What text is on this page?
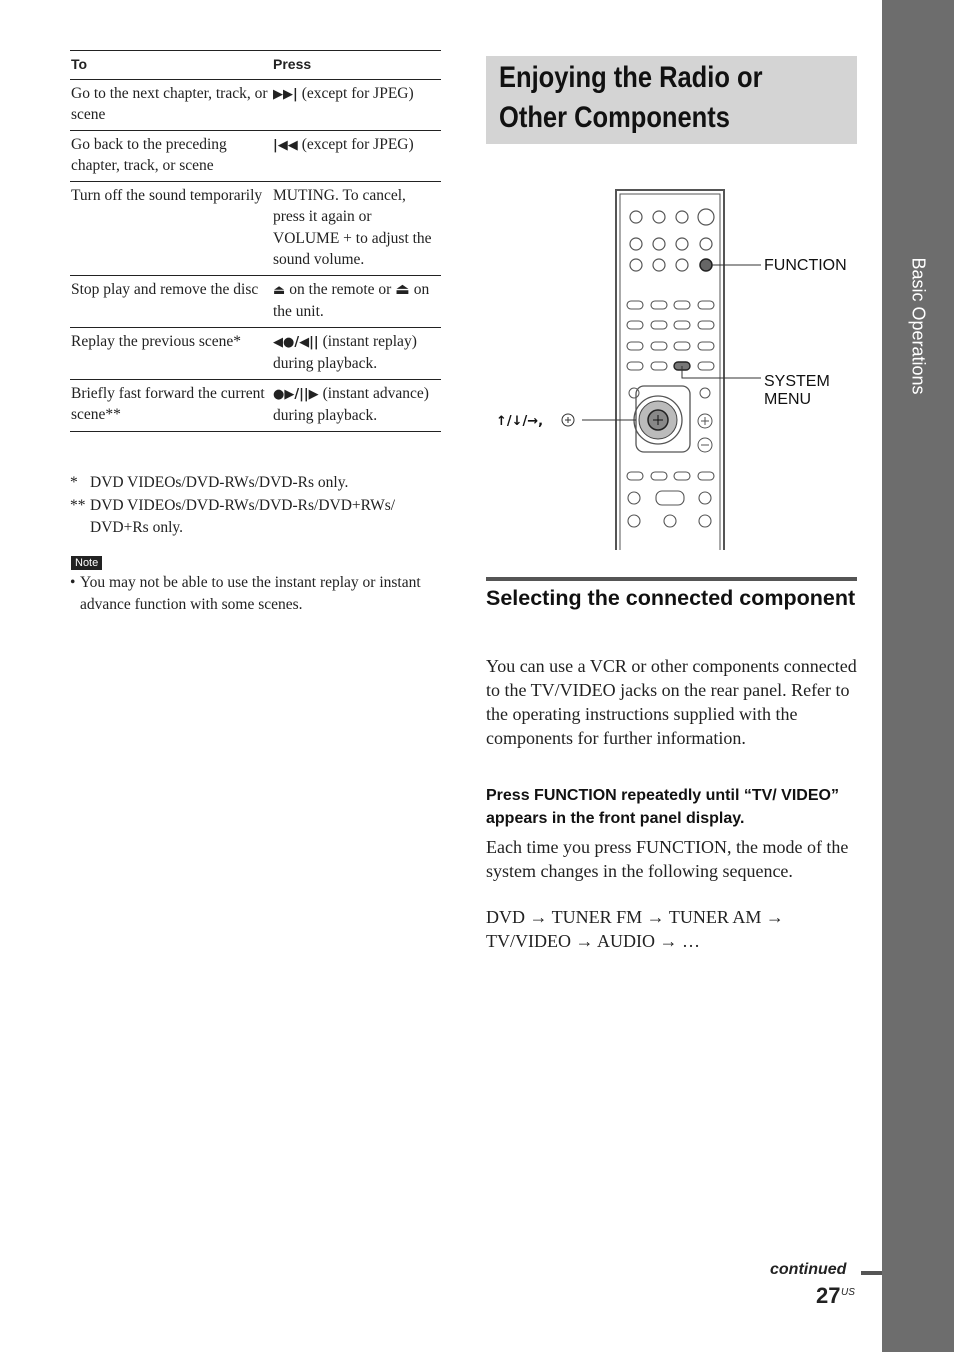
Basic Operations
To	Press
Go to the next chapter, track, or scene	▶▶| (except for JPEG)
Go back to the preceding chapter, track, or scene	|◀◀ (except for JPEG)
Turn off the sound temporarily	MUTING. To cancel, press it again or VOLUME + to adjust the sound volume.
Stop play and remove the disc	⏏ on the remote or ⏏ on the unit.
Replay the previous scene*	◀●/◀|| (instant replay) during playback.
Briefly fast forward the current scene**	●▶/||▶ (instant advance) during playback.
* DVD VIDEOs/DVD-RWs/DVD-Rs only.
** DVD VIDEOs/DVD-RWs/DVD-Rs/DVD+RWs/ DVD+Rs only.
Note
• You may not be able to use the instant replay or instant advance function with some scenes.
Enjoying the Radio or Other Components
FUNCTION
SYSTEM
MENU
↑/↓/→,
Selecting the connected component
You can use a VCR or other components connected to the TV/VIDEO jacks on the rear panel. Refer to the operating instructions supplied with the components for further information.
Press FUNCTION repeatedly until “TV/ VIDEO” appears in the front panel display.
Each time you press FUNCTION, the mode of the system changes in the following sequence.
DVD → TUNER FM → TUNER AM →
TV/VIDEO → AUDIO → …
continued
27 US
